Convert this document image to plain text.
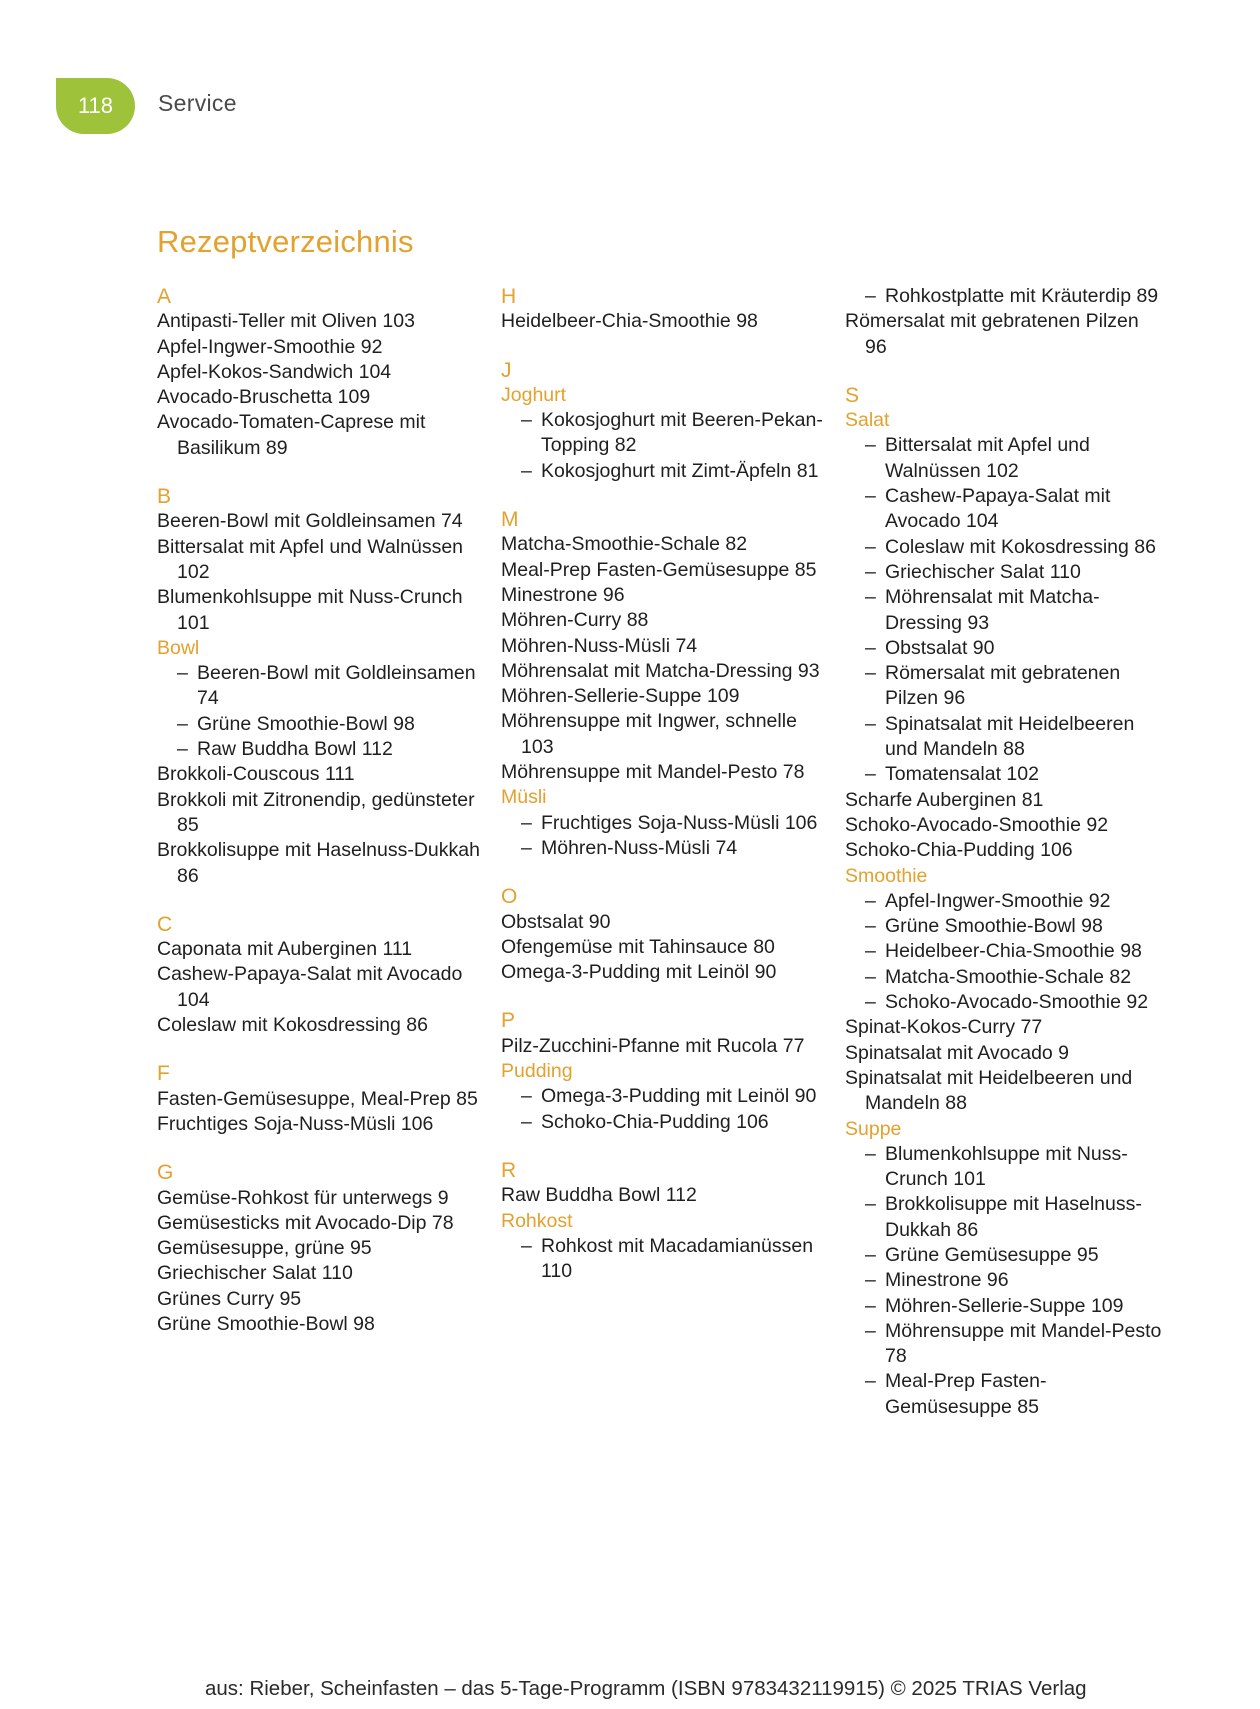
118	Service
Rezeptverzeichnis
A
Antipasti-Teller mit Oliven 103
Apfel-Ingwer-Smoothie 92
Apfel-Kokos-Sandwich 104
Avocado-Bruschetta 109
Avocado-Tomaten-Caprese mit Basilikum 89
B
Beeren-Bowl mit Goldleinsamen 74
Bittersalat mit Apfel und Walnüssen 102
Blumenkohlsuppe mit Nuss-Crunch 101
Bowl
– Beeren-Bowl mit Goldleinsamen 74
– Grüne Smoothie-Bowl 98
– Raw Buddha Bowl 112
Brokkoli-Couscous 111
Brokkoli mit Zitronendip, gedünsteter 85
Brokkolisuppe mit Haselnuss-Dukkah 86
C
Caponata mit Auberginen 111
Cashew-Papaya-Salat mit Avocado 104
Coleslaw mit Kokosdressing 86
F
Fasten-Gemüsesuppe, Meal-Prep 85
Fruchtiges Soja-Nuss-Müsli 106
G
Gemüse-Rohkost für unterwegs 9
Gemüsesticks mit Avocado-Dip 78
Gemüsesuppe, grüne 95
Griechischer Salat 110
Grünes Curry 95
Grüne Smoothie-Bowl 98
H
Heidelbeer-Chia-Smoothie 98
J
Joghurt
– Kokosjoghurt mit Beeren-Pekan-Topping 82
– Kokosjoghurt mit Zimt-Äpfeln 81
M
Matcha-Smoothie-Schale 82
Meal-Prep Fasten-Gemüsesuppe 85
Minestrone 96
Möhren-Curry 88
Möhren-Nuss-Müsli 74
Möhrensalat mit Matcha-Dressing 93
Möhren-Sellerie-Suppe 109
Möhrensuppe mit Ingwer, schnelle 103
Möhrensuppe mit Mandel-Pesto 78
Müsli
– Fruchtiges Soja-Nuss-Müsli 106
– Möhren-Nuss-Müsli 74
O
Obstsalat 90
Ofengemüse mit Tahinsauce 80
Omega-3-Pudding mit Leinöl 90
P
Pilz-Zucchini-Pfanne mit Rucola 77
Pudding
– Omega-3-Pudding mit Leinöl 90
– Schoko-Chia-Pudding 106
R
Raw Buddha Bowl 112
Rohkost
– Rohkost mit Macadamianüssen 110
– Rohkostplatte mit Kräuterdip 89
Römersalat mit gebratenen Pilzen 96
S
Salat
– Bittersalat mit Apfel und Walnüssen 102
– Cashew-Papaya-Salat mit Avocado 104
– Coleslaw mit Kokosdressing 86
– Griechischer Salat 110
– Möhrensalat mit Matcha-Dressing 93
– Obstsalat 90
– Römersalat mit gebratenen Pilzen 96
– Spinatsalat mit Heidelbeeren und Mandeln 88
– Tomatensalat 102
Scharfe Auberginen 81
Schoko-Avocado-Smoothie 92
Schoko-Chia-Pudding 106
Smoothie
– Apfel-Ingwer-Smoothie 92
– Grüne Smoothie-Bowl 98
– Heidelbeer-Chia-Smoothie 98
– Matcha-Smoothie-Schale 82
– Schoko-Avocado-Smoothie 92
Spinat-Kokos-Curry 77
Spinatsalat mit Avocado 9
Spinatsalat mit Heidelbeeren und Mandeln 88
Suppe
– Blumenkohlsuppe mit Nuss-Crunch 101
– Brokkolisuppe mit Haselnuss-Dukkah 86
– Grüne Gemüsesuppe 95
– Minestrone 96
– Möhren-Sellerie-Suppe 109
– Möhrensuppe mit Mandel-Pesto 78
– Meal-Prep Fasten-Gemüsesuppe 85
aus: Rieber, Scheinfasten – das 5-Tage-Programm (ISBN 9783432119915) © 2025 TRIAS Verlag
